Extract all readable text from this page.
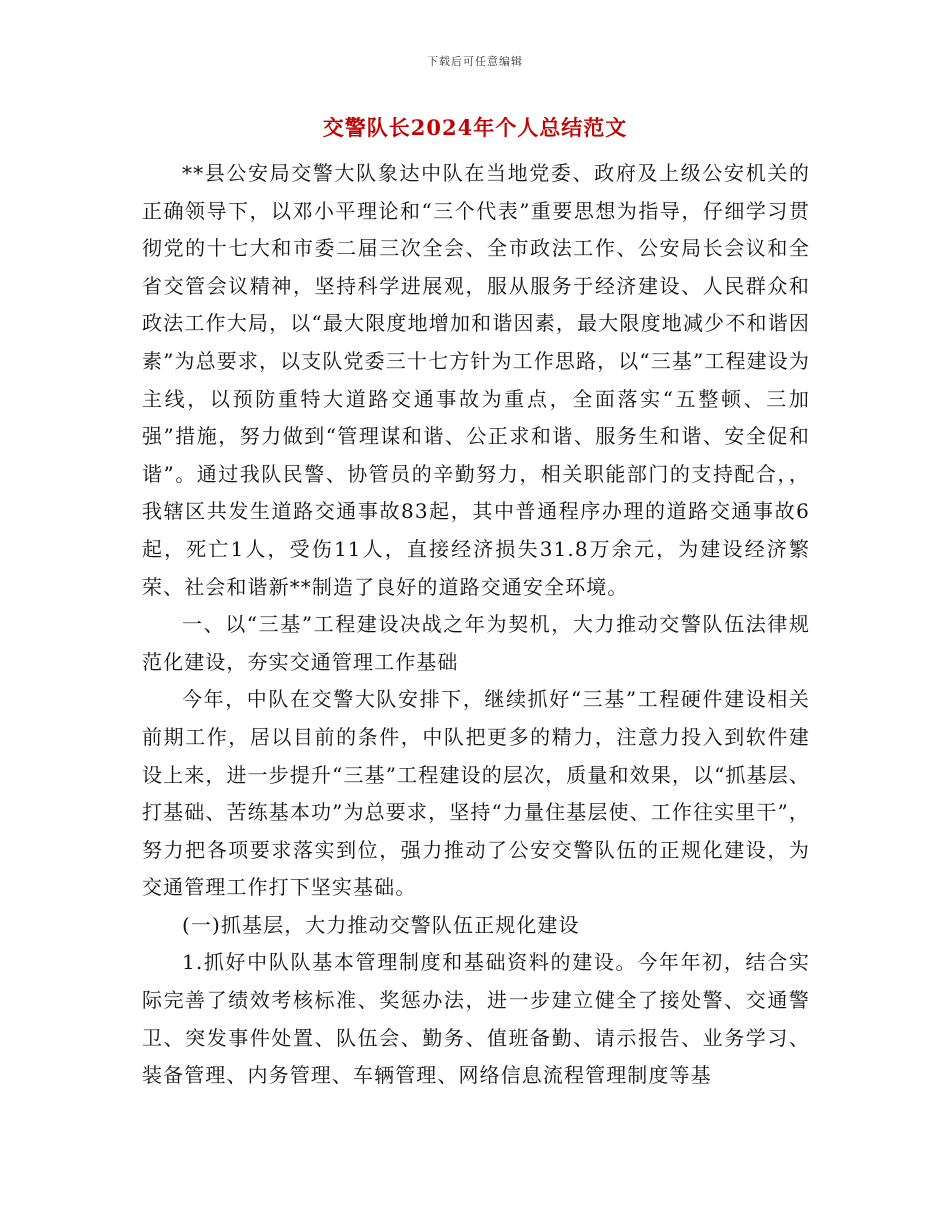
下载后可任意编辑
交警队长2024年个人总结范文

**县公安局交警大队象达中队在当地党委、政府及上级公安机关的正确领导下，以邓小平理论和“三个代表”重要思想为指导，仔细学习贯彻党的十七大和市委二届三次全会、全市政法工作、公安局长会议和全省交管会议精神，坚持科学进展观，服从服务于经济建设、人民群众和政法工作大局，以“最大限度地增加和谐因素，最大限度地减少不和谐因素”为总要求，以支队党委三十七方针为工作思路，以“三基”工程建设为主线，以预防重特大道路交通事故为重点，全面落实“五整顿、三加强”措施，努力做到“管理谋和谐、公正求和谐、服务生和谐、安全促和谐”。通过我队民警、协管员的辛勤努力，相关职能部门的支持配合，，我辖区共发生道路交通事故83起，其中普通程序办理的道路交通事故6起，死亡1人，受伤11人，直接经济损失31.8万余元，为建设经济繁荣、社会和谐新**制造了良好的道路交通安全环境。

一、以“三基”工程建设决战之年为契机，大力推动交警队伍法律规范化建设，夯实交通管理工作基础

今年，中队在交警大队安排下，继续抓好“三基”工程硬件建设相关前期工作，居以目前的条件，中队把更多的精力，注意力投入到软件建设上来，进一步提升“三基”工程建设的层次，质量和效果，以“抓基层、打基础、苦练基本功”为总要求，坚持“力量住基层使、工作往实里干”，努力把各项要求落实到位，强力推动了公安交警队伍的正规化建设，为交通管理工作打下坚实基础。

(一)抓基层，大力推动交警队伍正规化建设

1.抓好中队队基本管理制度和基础资料的建设。今年年初，结合实际完善了绩效考核标准、奖惩办法，进一步建立健全了接处警、交通警卫、突发事件处置、队伍会、勤务、值班备勤、请示报告、业务学习、装备管理、内务管理、车辆管理、网络信息流程管理制度等基
